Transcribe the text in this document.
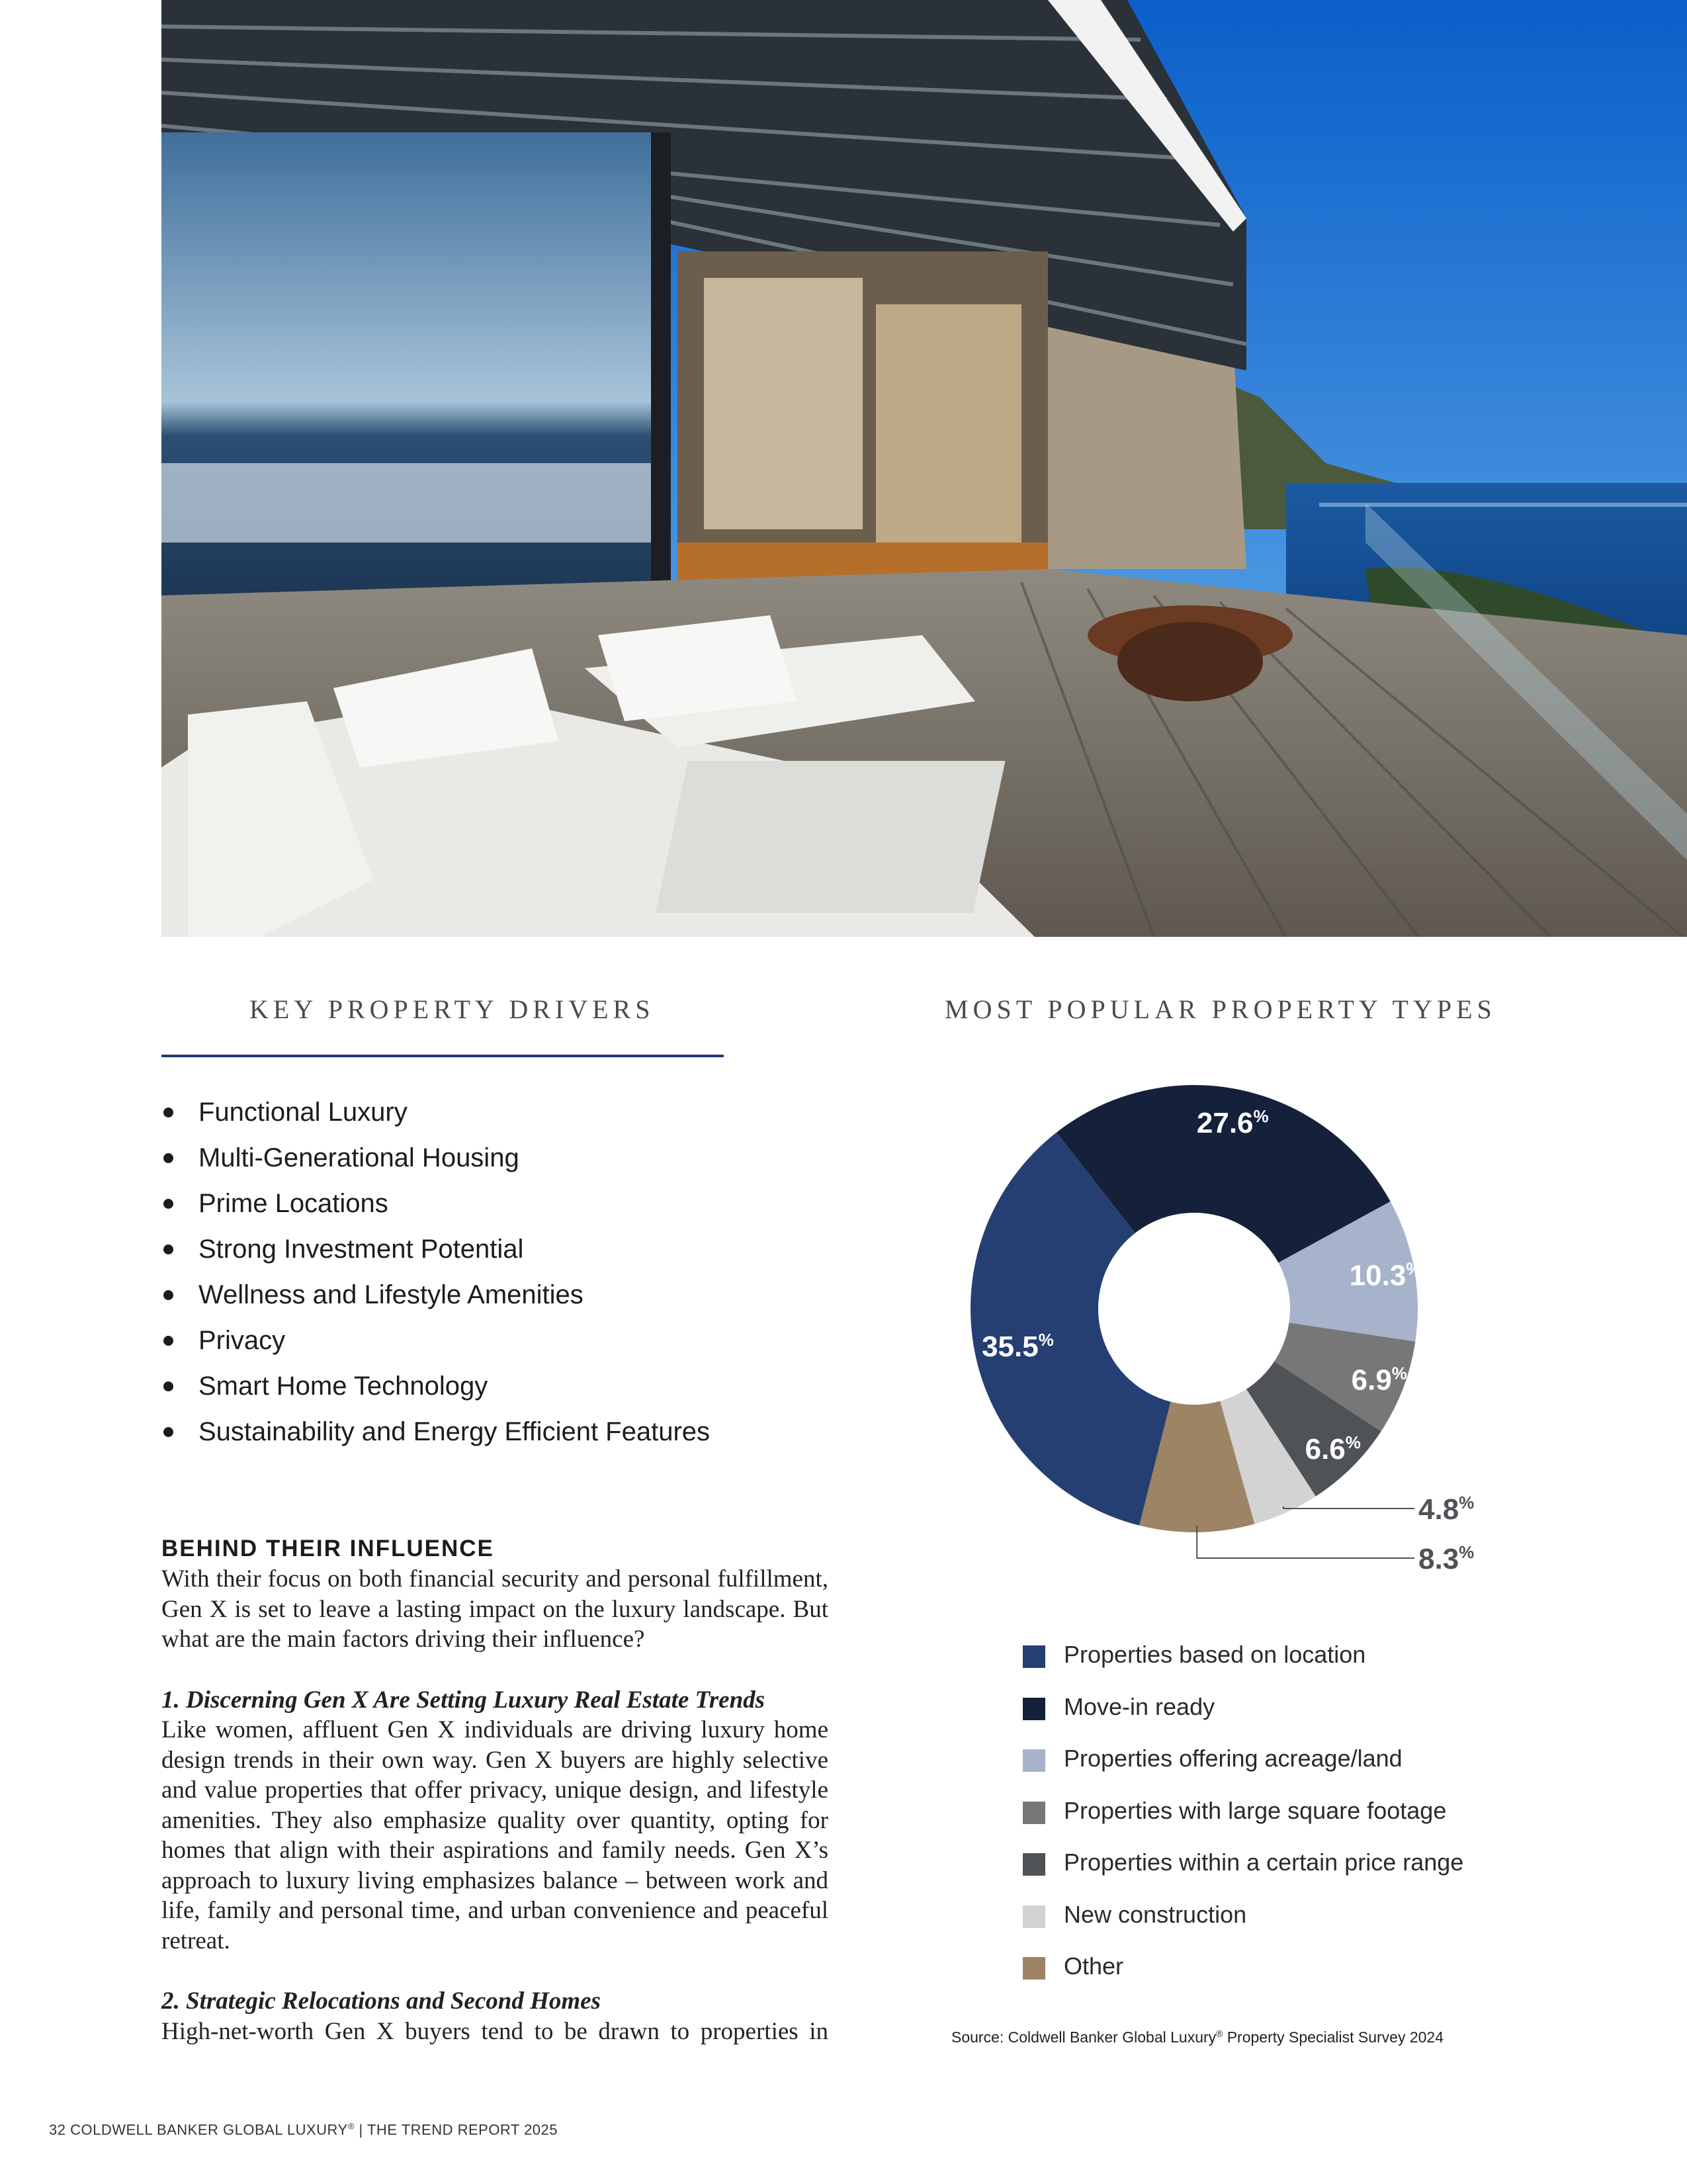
KEY PROPERTY DRIVERS	MOST POPULAR PROPERTY TYPES
Functional Luxury
Multi-Generational Housing
Prime Locations
Strong Investment Potential
Wellness and Lifestyle Amenities
Privacy
Smart Home Technology
Sustainability and Energy Efficient Features
BEHIND THEIR INFLUENCE

With their focus on both financial security and personal fulfillment, Gen X is set to leave a lasting impact on the luxury landscape. But what are the main factors driving their influence?

1. Discerning Gen X Are Setting Luxury Real Estate Trends

Like women, affluent Gen X individuals are driving luxury home design trends in their own way. Gen X buyers are highly selective and value properties that offer privacy, unique design, and lifestyle amenities. They also emphasize quality over quantity, opting for homes that align with their aspirations and family needs. Gen X’s approach to luxury living emphasizes balance – between work and life, family and personal time, and urban convenience and peaceful retreat.

2. Strategic Relocations and Second Homes

High-net-worth Gen X buyers tend to be drawn to properties in

27.6%
10.3%
6.9%
6.6%
35.5%
4.8%
8.3%
Properties based on location
Move-in ready
Properties offering acreage/land
Properties with large square footage
Properties within a certain price range
New construction
Other
Source: Coldwell Banker Global Luxury® Property Specialist Survey 2024
32 COLDWELL BANKER GLOBAL LUXURY® | THE TREND REPORT 2025
